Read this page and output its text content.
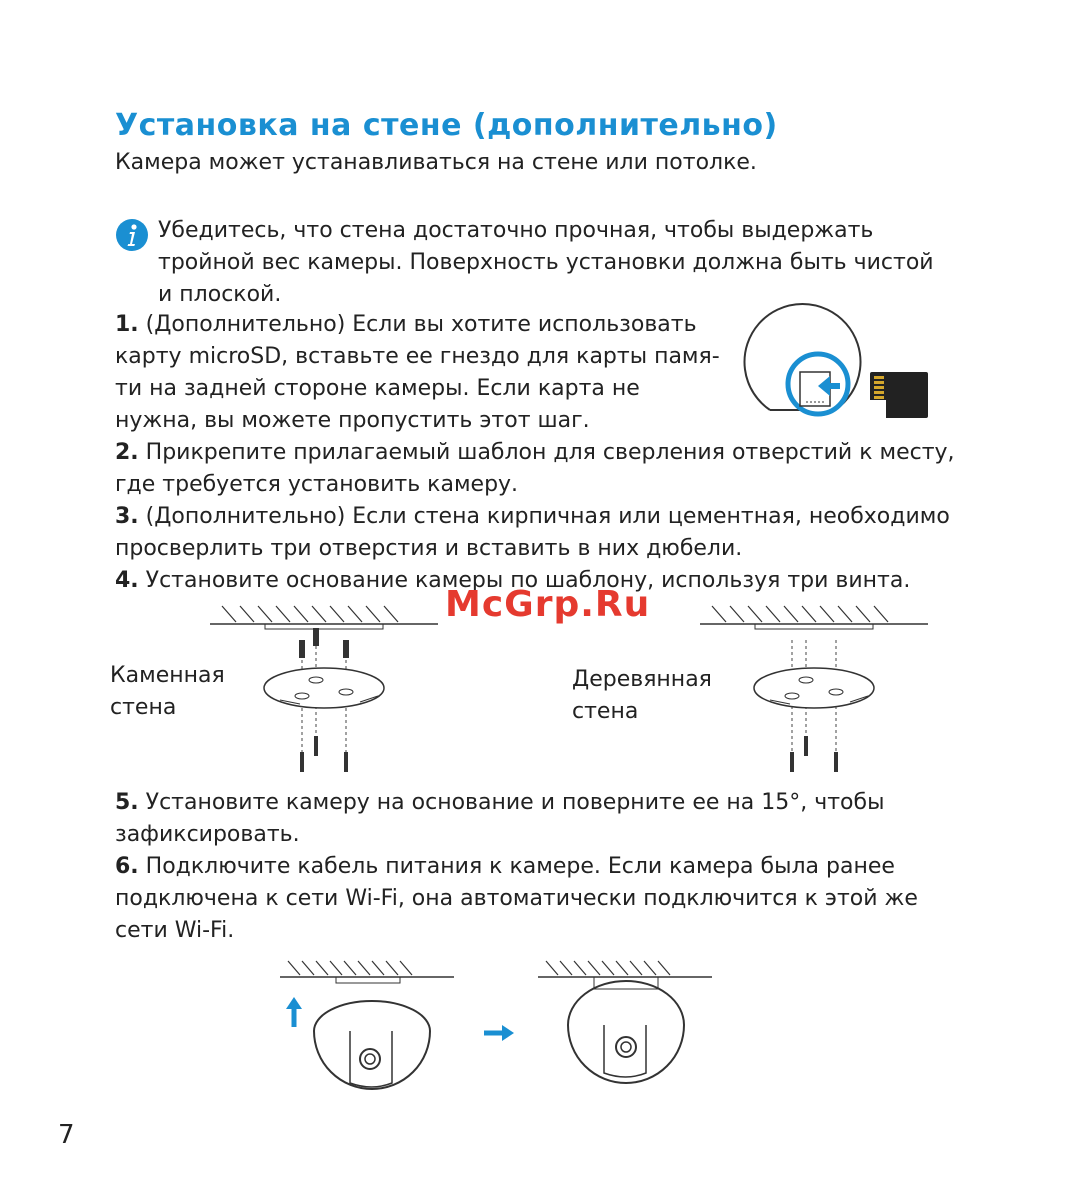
Установка на стене (дополнительно)
Камера может устанавливаться на стене или потолке.
Убедитесь, что стена достаточно прочная, чтобы выдержать тройной вес камеры. Поверхность установки должна быть чистой и плоской.
1. (Дополнительно) Если вы хотите использовать карту microSD, вставьте ее гнездо для карты памя-ти на задней стороне камеры. Если карта не нужна, вы можете пропустить этот шаг.
2. Прикрепите прилагаемый шаблон для сверления отверстий к месту, где требуется установить камеру.
3. (Дополнительно) Если стена кирпичная или цементная, необходимо просверлить три отверстия и вставить в них дюбели.
4. Установите основание камеры по шаблону, используя три винта.
McGrp.Ru
Каменная стена
Деревянная стена
5. Установите камеру на основание и поверните ее на 15°, чтобы зафиксировать.
6. Подключите кабель питания к камере. Если камера была ранее подключена к сети Wi-Fi, она автоматически подключится к этой же сети Wi-Fi.
7
